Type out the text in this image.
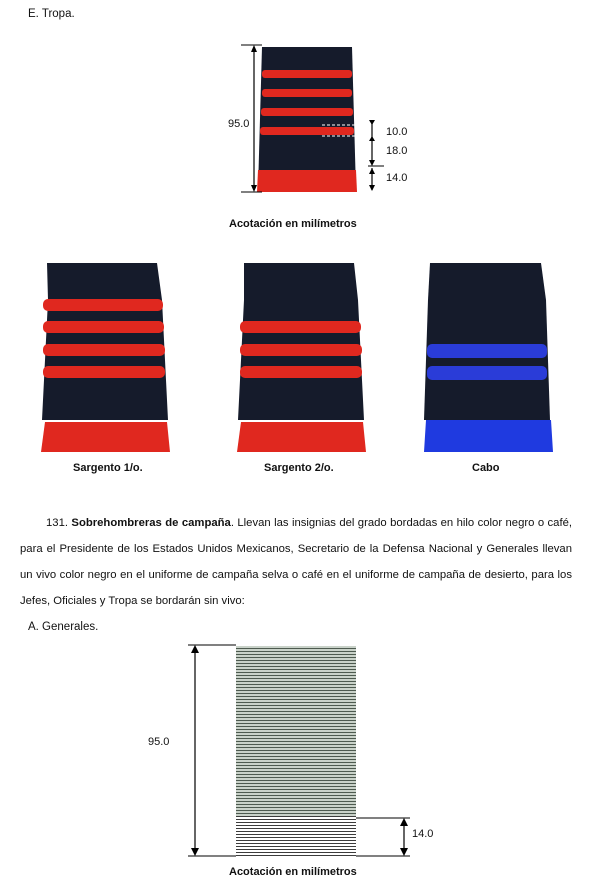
E. Tropa.
95.0
10.0
18.0
14.0
Acotación en milímetros
Sargento 1/o.	Sargento 2/o.	Cabo
131. Sobrehombreras de campaña. Llevan las insignias del grado bordadas en hilo color negro o café, para el Presidente de los Estados Unidos Mexicanos, Secretario de la Defensa Nacional y Generales llevan un vivo color negro en el uniforme de campaña selva o café en el uniforme de campaña de desierto, para los Jefes, Oficiales y Tropa se bordarán sin vivo:
A. Generales.
95.0
14.0
Acotación en milímetros
